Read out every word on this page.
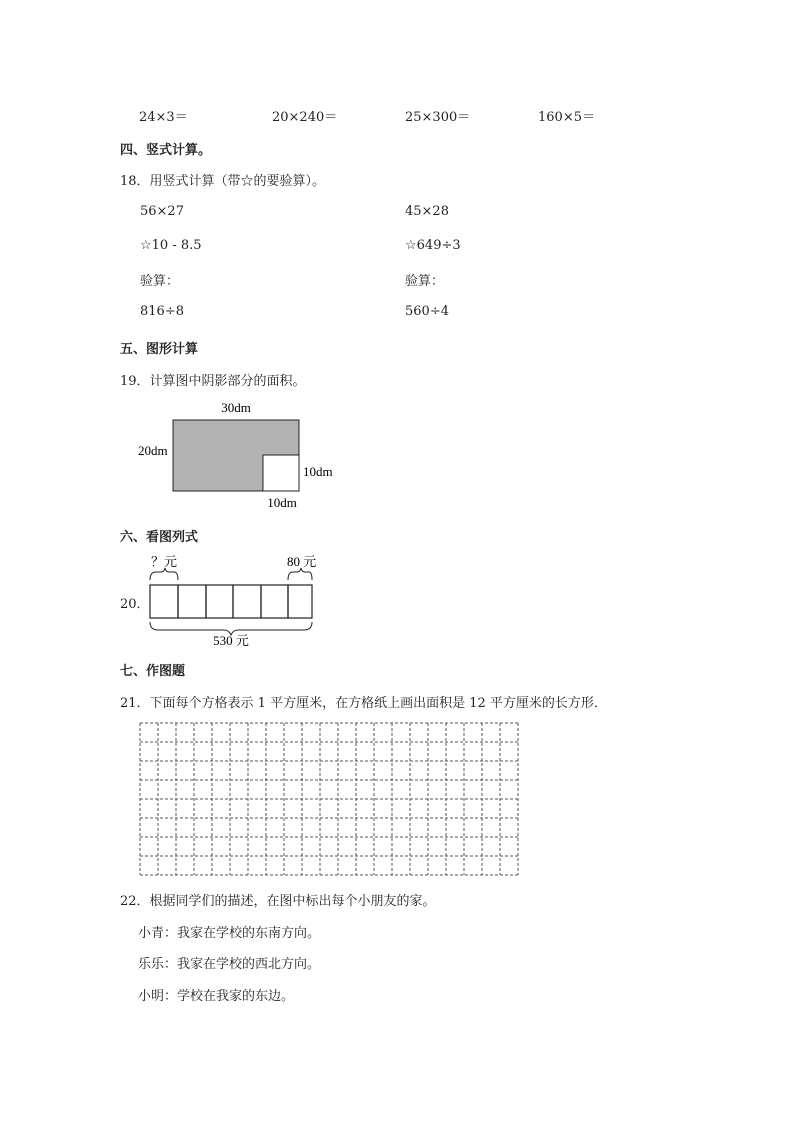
24×3＝	20×240＝	25×300＝	160×5＝
四、竖式计算。
18．用竖式计算（带☆的要验算）。
56×27	45×28
☆10 - 8.5	☆649÷3
验算：	验算：
816÷8	560÷4
五、图形计算
19．计算图中阴影部分的面积。
30dm
20dm
10dm
10dm
六、看图列式
20．
？元	80 元
530 元
七、作图题
21．下面每个方格表示 1 平方厘米，在方格纸上画出面积是 12 平方厘米的长方形．
22．根据同学们的描述，在图中标出每个小朋友的家。
小青：我家在学校的东南方向。
乐乐：我家在学校的西北方向。
小明：学校在我家的东边。
